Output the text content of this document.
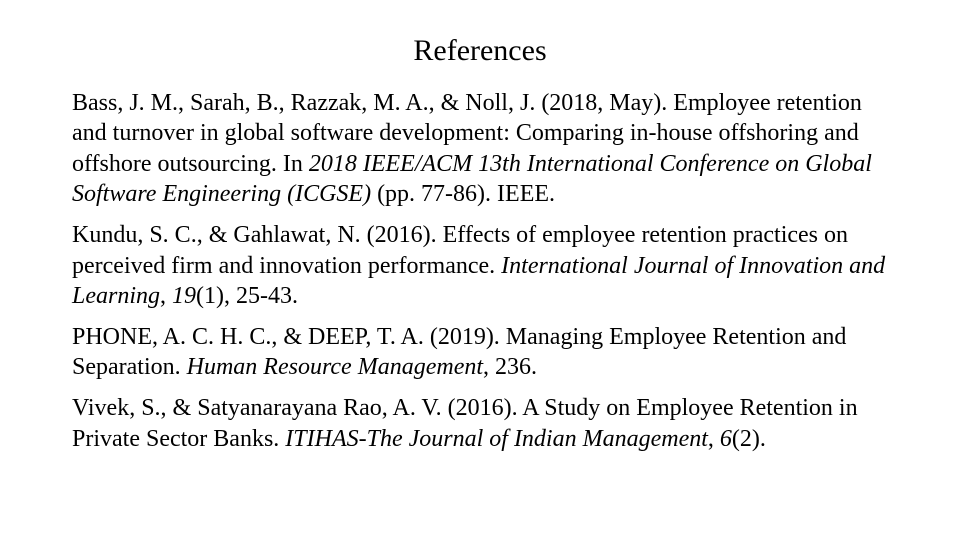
References

Bass, J. M., Sarah, B., Razzak, M. A., & Noll, J. (2018, May). Employee retention and turnover in global software development: Comparing in-house offshoring and offshore outsourcing. In 2018 IEEE/ACM 13th International Conference on Global Software Engineering (ICGSE) (pp. 77-86). IEEE.

Kundu, S. C., & Gahlawat, N. (2016). Effects of employee retention practices on perceived firm and innovation performance. International Journal of Innovation and Learning, 19(1), 25-43.

PHONE, A. C. H. C., & DEEP, T. A. (2019). Managing Employee Retention and Separation. Human Resource Management, 236.

Vivek, S., & Satyanarayana Rao, A. V. (2016). A Study on Employee Retention in Private Sector Banks. ITIHAS-The Journal of Indian Management, 6(2).
